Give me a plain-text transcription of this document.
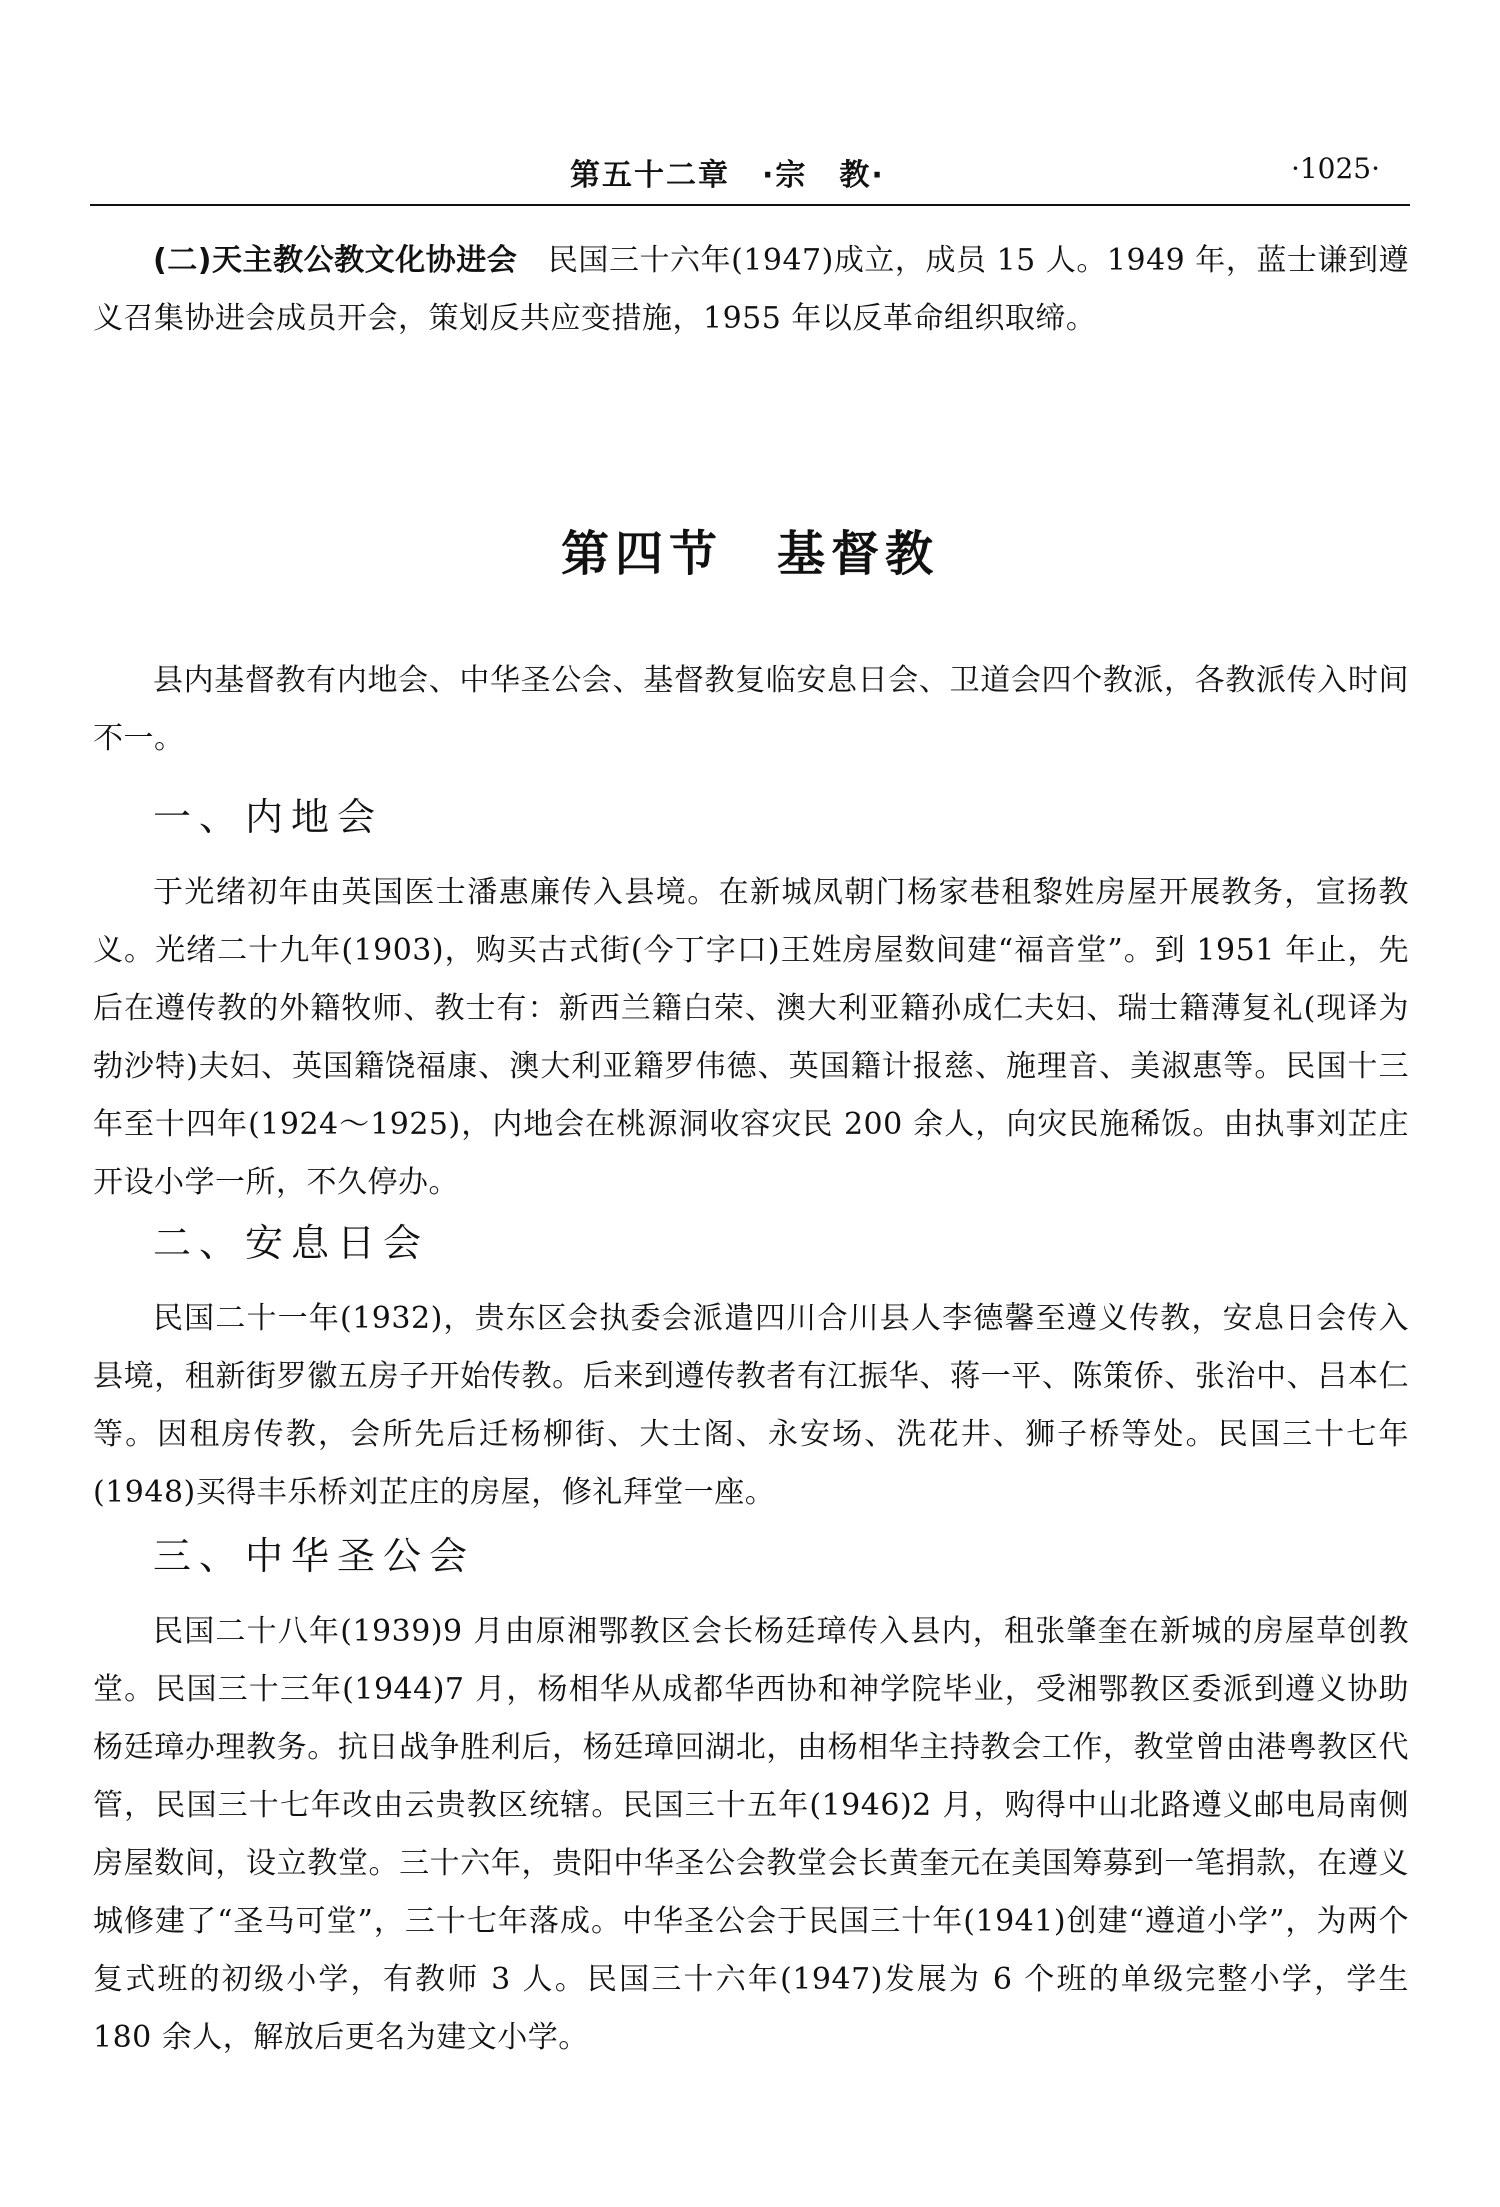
第五十二章　·宗　教·	·1025·

(二)天主教公教文化协进会　民国三十六年(1947)成立，成员 15 人。1949 年，蓝士谦到遵义召集协进会成员开会，策划反共应变措施，1955 年以反革命组织取缔。

第四节　基督教

县内基督教有内地会、中华圣公会、基督教复临安息日会、卫道会四个教派，各教派传入时间不一。

一、内地会

于光绪初年由英国医士潘惠廉传入县境。在新城凤朝门杨家巷租黎姓房屋开展教务，宣扬教义。光绪二十九年(1903)，购买古式街(今丁字口)王姓房屋数间建“福音堂”。到 1951 年止，先后在遵传教的外籍牧师、教士有：新西兰籍白荣、澳大利亚籍孙成仁夫妇、瑞士籍薄复礼(现译为勃沙特)夫妇、英国籍饶福康、澳大利亚籍罗伟德、英国籍计报慈、施理音、美淑惠等。民国十三年至十四年(1924～1925)，内地会在桃源洞收容灾民 200 余人，向灾民施稀饭。由执事刘芷庄开设小学一所，不久停办。

二、安息日会

民国二十一年(1932)，贵东区会执委会派遣四川合川县人李德馨至遵义传教，安息日会传入县境，租新街罗徽五房子开始传教。后来到遵传教者有江振华、蒋一平、陈策侨、张治中、吕本仁等。因租房传教，会所先后迁杨柳街、大士阁、永安场、洗花井、狮子桥等处。民国三十七年(1948)买得丰乐桥刘芷庄的房屋，修礼拜堂一座。

三、中华圣公会

民国二十八年(1939)9 月由原湘鄂教区会长杨廷璋传入县内，租张肇奎在新城的房屋草创教堂。民国三十三年(1944)7 月，杨相华从成都华西协和神学院毕业，受湘鄂教区委派到遵义协助杨廷璋办理教务。抗日战争胜利后，杨廷璋回湖北，由杨相华主持教会工作，教堂曾由港粤教区代管，民国三十七年改由云贵教区统辖。民国三十五年(1946)2 月，购得中山北路遵义邮电局南侧房屋数间，设立教堂。三十六年，贵阳中华圣公会教堂会长黄奎元在美国筹募到一笔捐款，在遵义城修建了“圣马可堂”，三十七年落成。中华圣公会于民国三十年(1941)创建“遵道小学”，为两个复式班的初级小学，有教师 3 人。民国三十六年(1947)发展为 6 个班的单级完整小学，学生 180 余人，解放后更名为建文小学。
